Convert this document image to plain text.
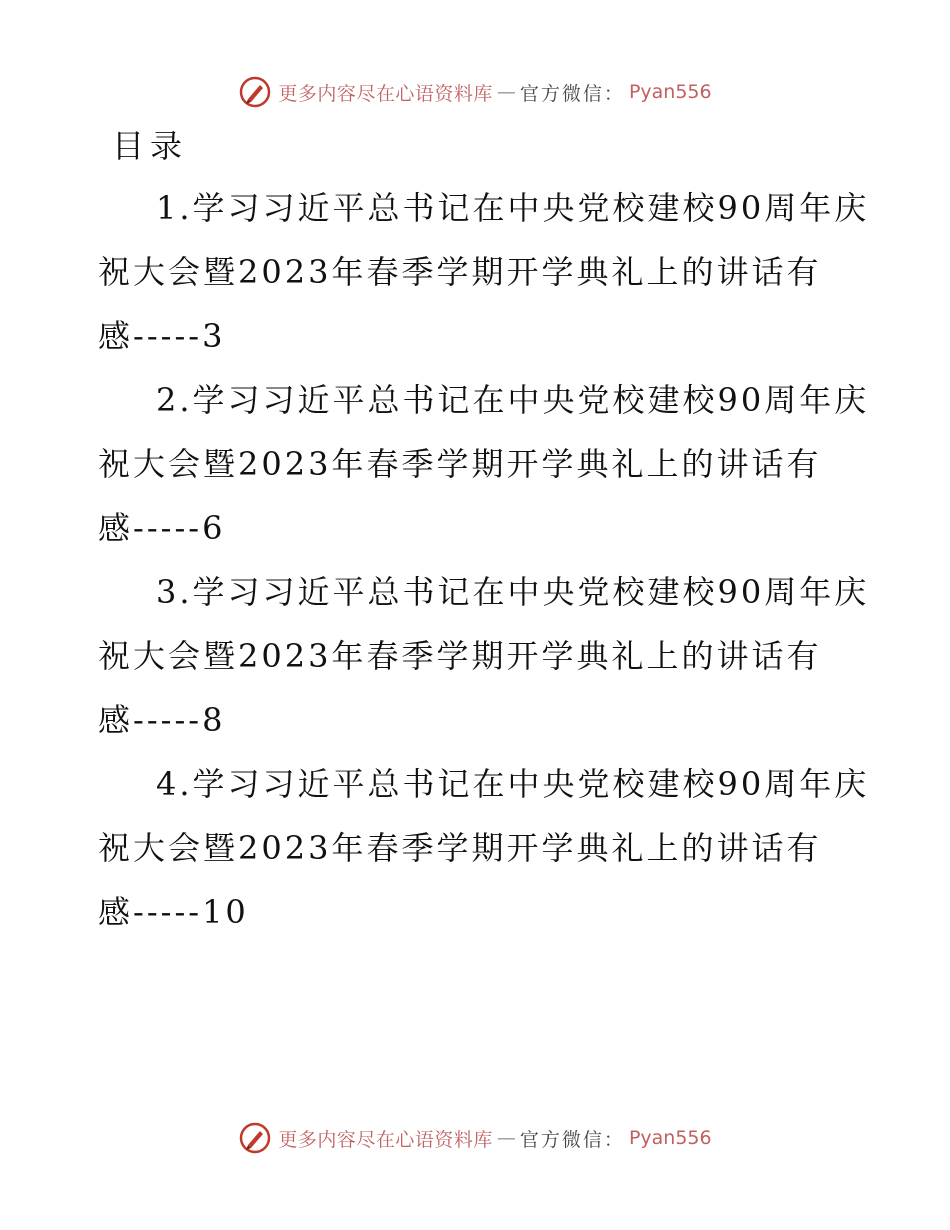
更多内容尽在心语资料库 — 官方微信： Pyan556
目录
1.学习习近平总书记在中央党校建校90周年庆
祝大会暨2023年春季学期开学典礼上的讲话有
感-----3
2.学习习近平总书记在中央党校建校90周年庆
祝大会暨2023年春季学期开学典礼上的讲话有
感-----6
3.学习习近平总书记在中央党校建校90周年庆
祝大会暨2023年春季学期开学典礼上的讲话有
感-----8
4.学习习近平总书记在中央党校建校90周年庆
祝大会暨2023年春季学期开学典礼上的讲话有
感-----10
更多内容尽在心语资料库 — 官方微信： Pyan556
